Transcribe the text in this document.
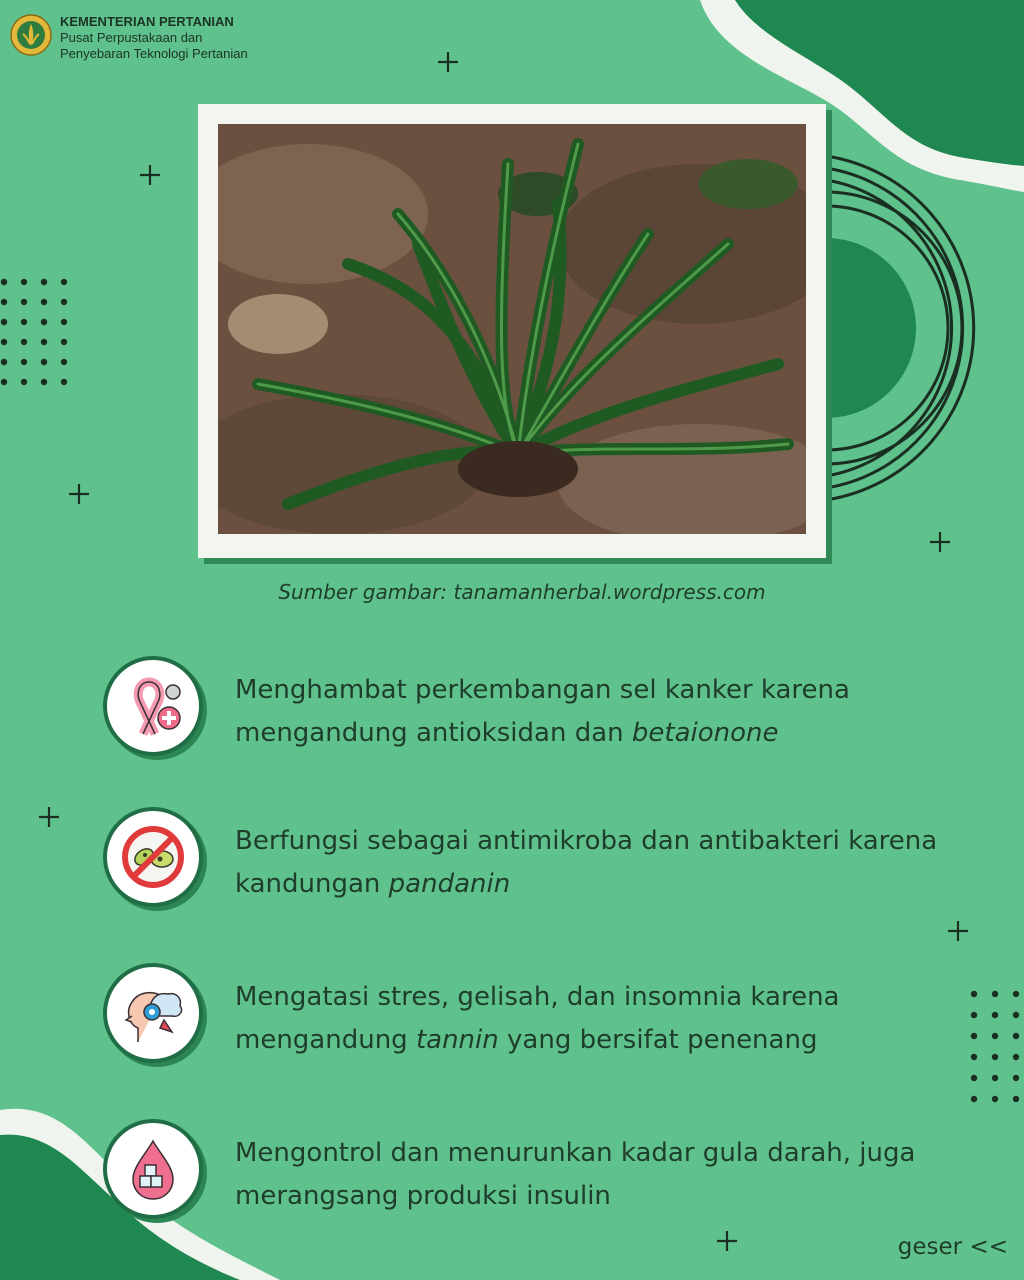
KEMENTERIAN PERTANIAN
Pusat Perpustakaan dan
Penyebaran Teknologi Pertanian
Sumber gambar: tanamanherbal.wordpress.com
Menghambat perkembangan sel kanker karena mengandung antioksidan dan betaionone
Berfungsi sebagai antimikroba dan antibakteri karena kandungan pandanin
Mengatasi stres, gelisah, dan insomnia karena mengandung tannin yang bersifat penenang
Mengontrol dan menurunkan kadar gula darah, juga merangsang produksi insulin
geser <<
